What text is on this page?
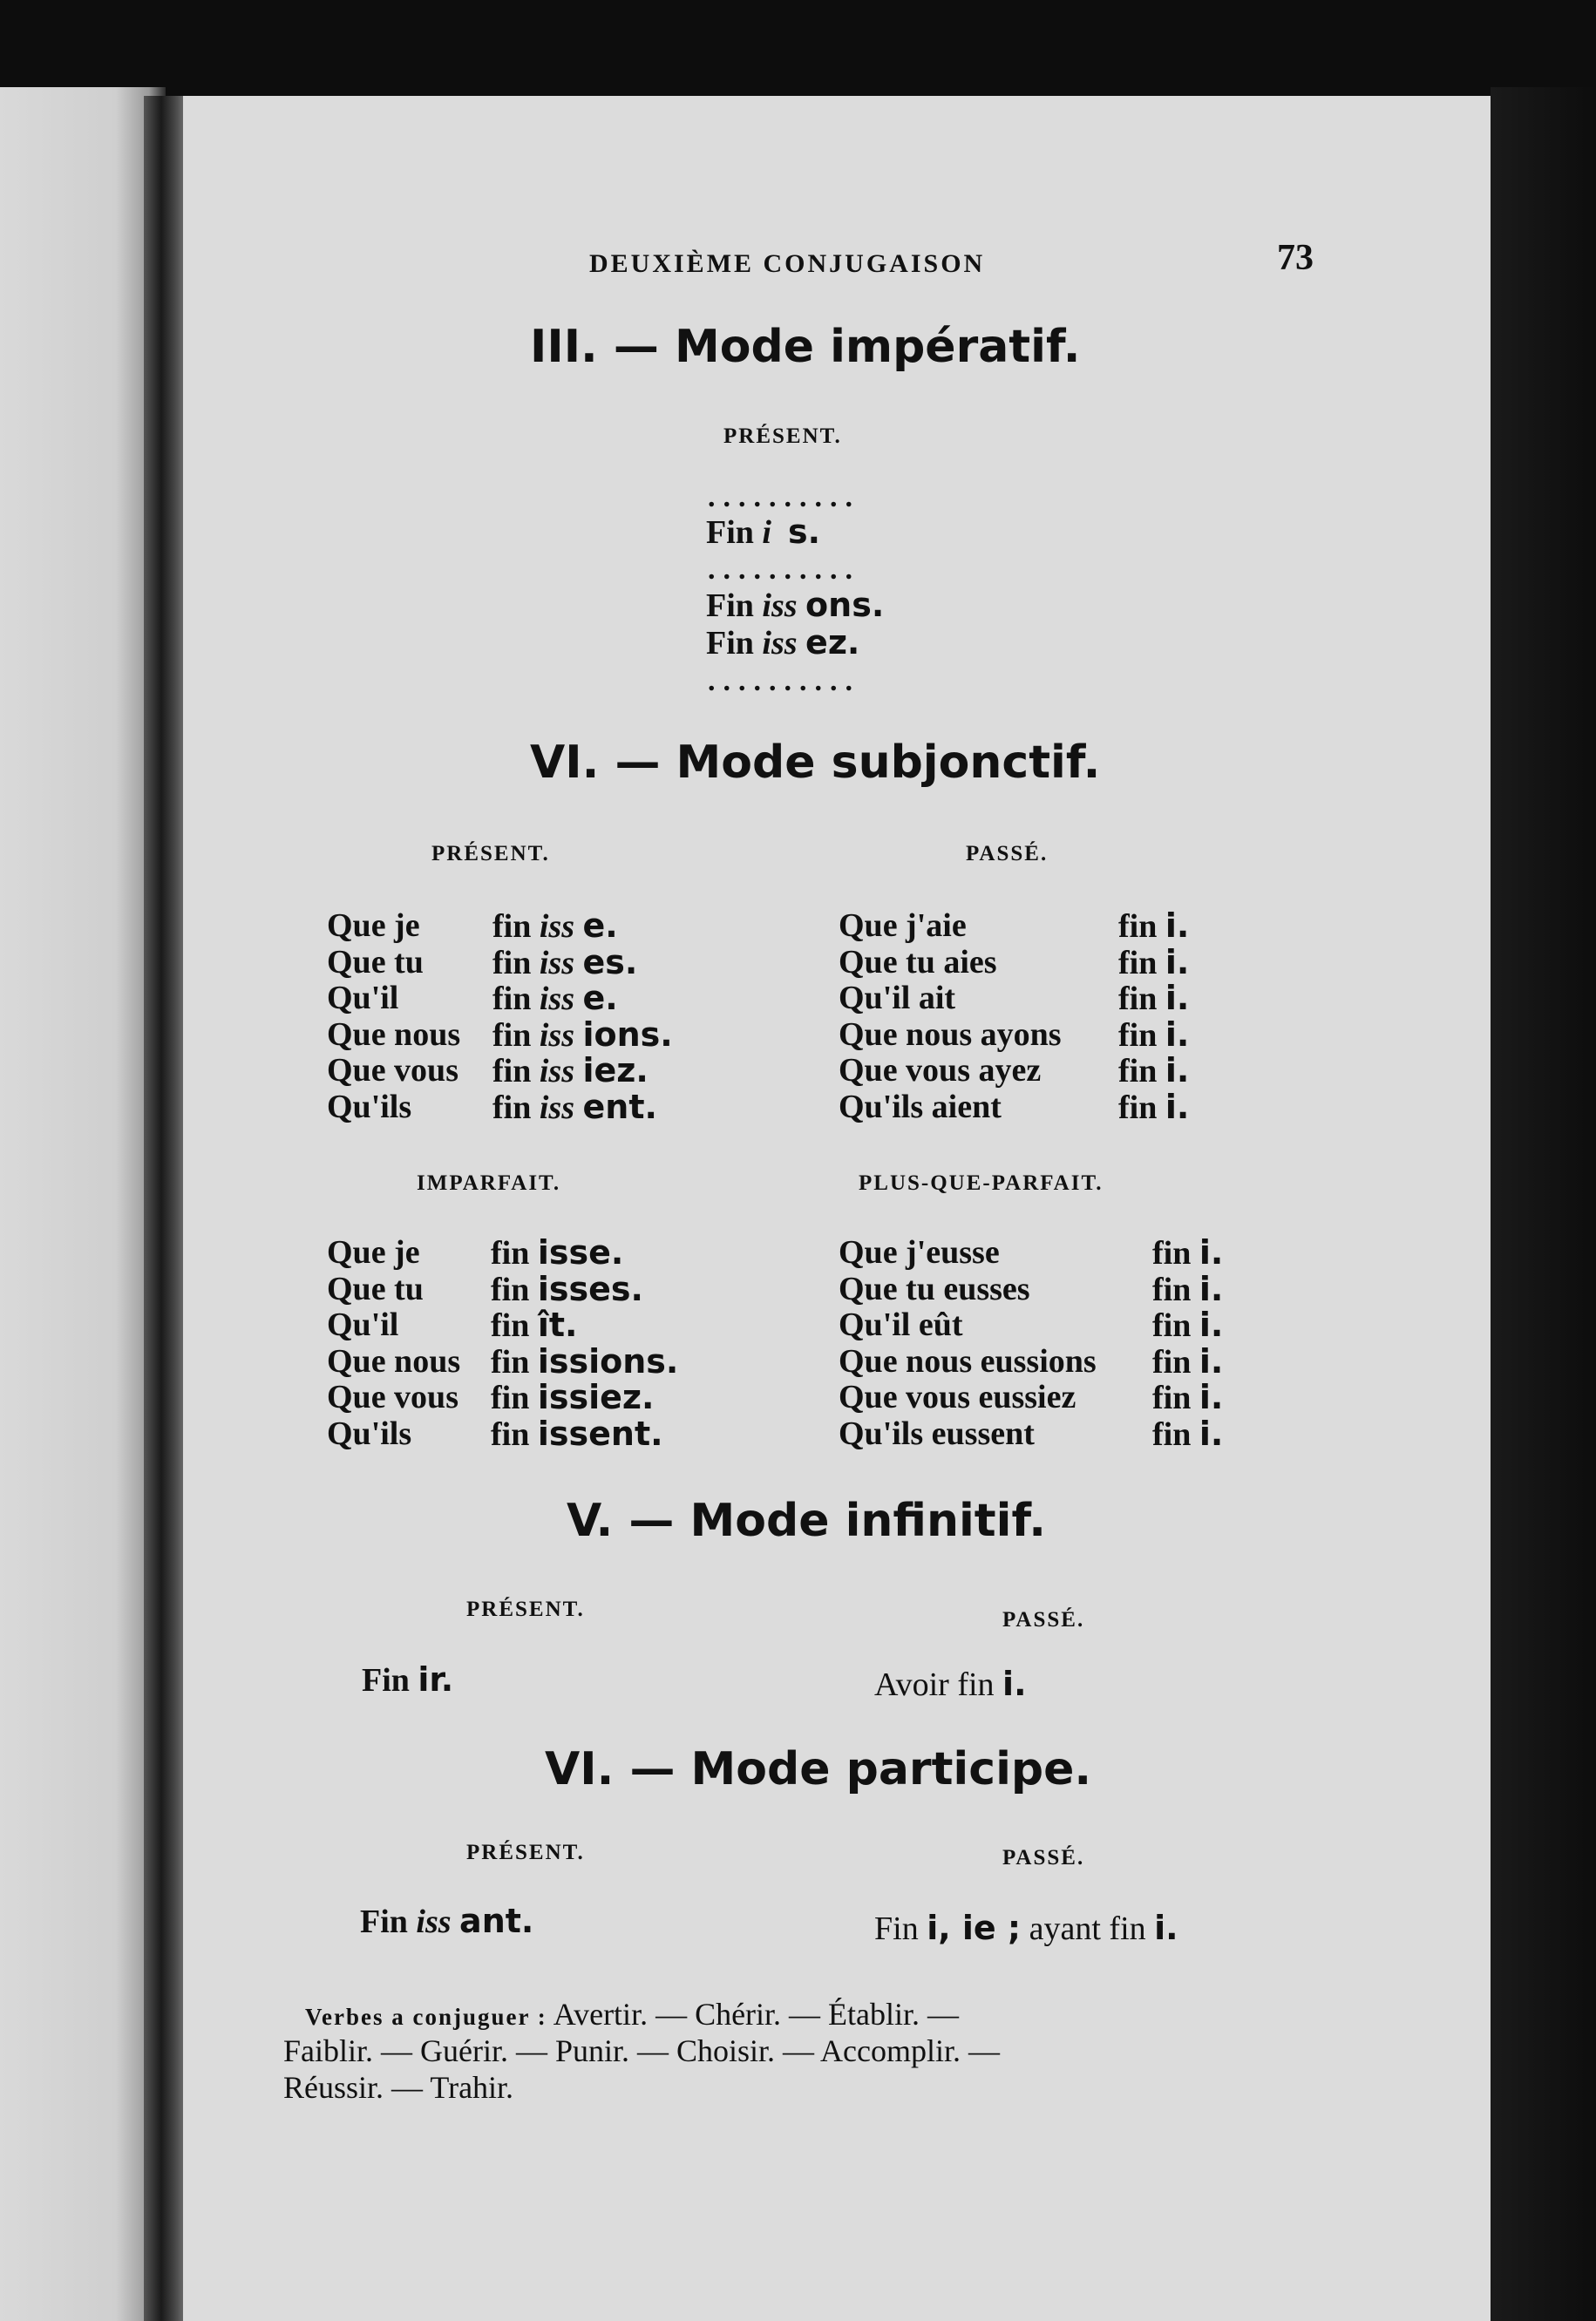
DEUXIÈME CONJUGAISON	73
III. — Mode impératif.
PRÉSENT.
..........
Fin i s.
..........
Fin iss ons.
Fin iss ez.
..........
VI. — Mode subjonctif.
PRÉSENT.	PASSÉ.
Que je fin iss e.
Que tu fin iss es.
Qu'il	fin iss e.
Que nous fin iss ions.
Que vous fin iss iez.
Qu'ils fin iss ent.
Que j'aie	fin i.
Que tu aies	fin i.
Qu'il ait	fin i.
Que nous ayons fin i.
Que vous ayez fin i.
Qu'ils aient	fin i.
IMPARFAIT.	PLUS-QUE-PARFAIT.
Que je fin isse.
Que tu fin isses.
Qu'il	fin ît.
Que nous fin issions.
Que vous fin issiez.
Qu'ils fin issent.
Que j'eusse	fin i.
Que tu eusses	fin i.
Qu'il eût	fin i.
Que nous eussions fin i.
Que vous eussiez fin i.
Qu'ils eussent	fin i.
V. — Mode infinitif.
PRÉSENT.	PASSÉ.
Fin ir.	Avoir fin i.
VI. — Mode participe.
PRÉSENT.	PASSÉ.
Fin iss ant.	Fin i, ie ; ayant fin i.
Verbes a conjuguer : Avertir. — Chérir. — Établir. —
Faiblir. — Guérir. — Punir. — Choisir. — Accomplir. —
Réussir. — Trahir.
